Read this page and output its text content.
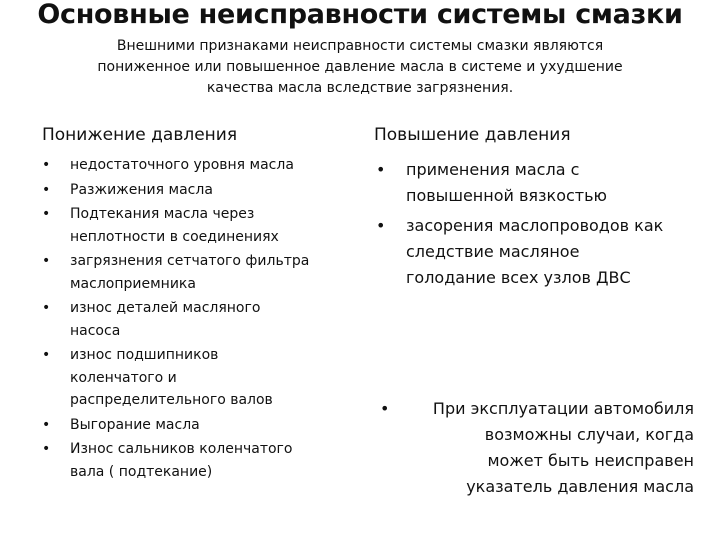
Основные неисправности системы смазки
Внешними признаками неисправности системы смазки являются
пониженное или повышенное давление масла в системе и ухудшение
качества масла вследствие загрязнения.
Понижение давления	Повышение давления
• недостаточного уровня масла
• Разжижения масла
• Подтекания масла через
неплотности в соединениях
• загрязнения сетчатого фильтра
маслоприемника
• износ деталей масляного
насоса
• износ подшипников
коленчатого и
распределительного валов
• Выгорание масла
• Износ сальников коленчатого
вала ( подтекание)
• применения масла с
повышенной вязкостью
• засорения маслопроводов как
следствие масляное
голодание всех узлов ДВС
•	При эксплуатации автомобиля
возможны случаи, когда
может быть неисправен
указатель давления масла
